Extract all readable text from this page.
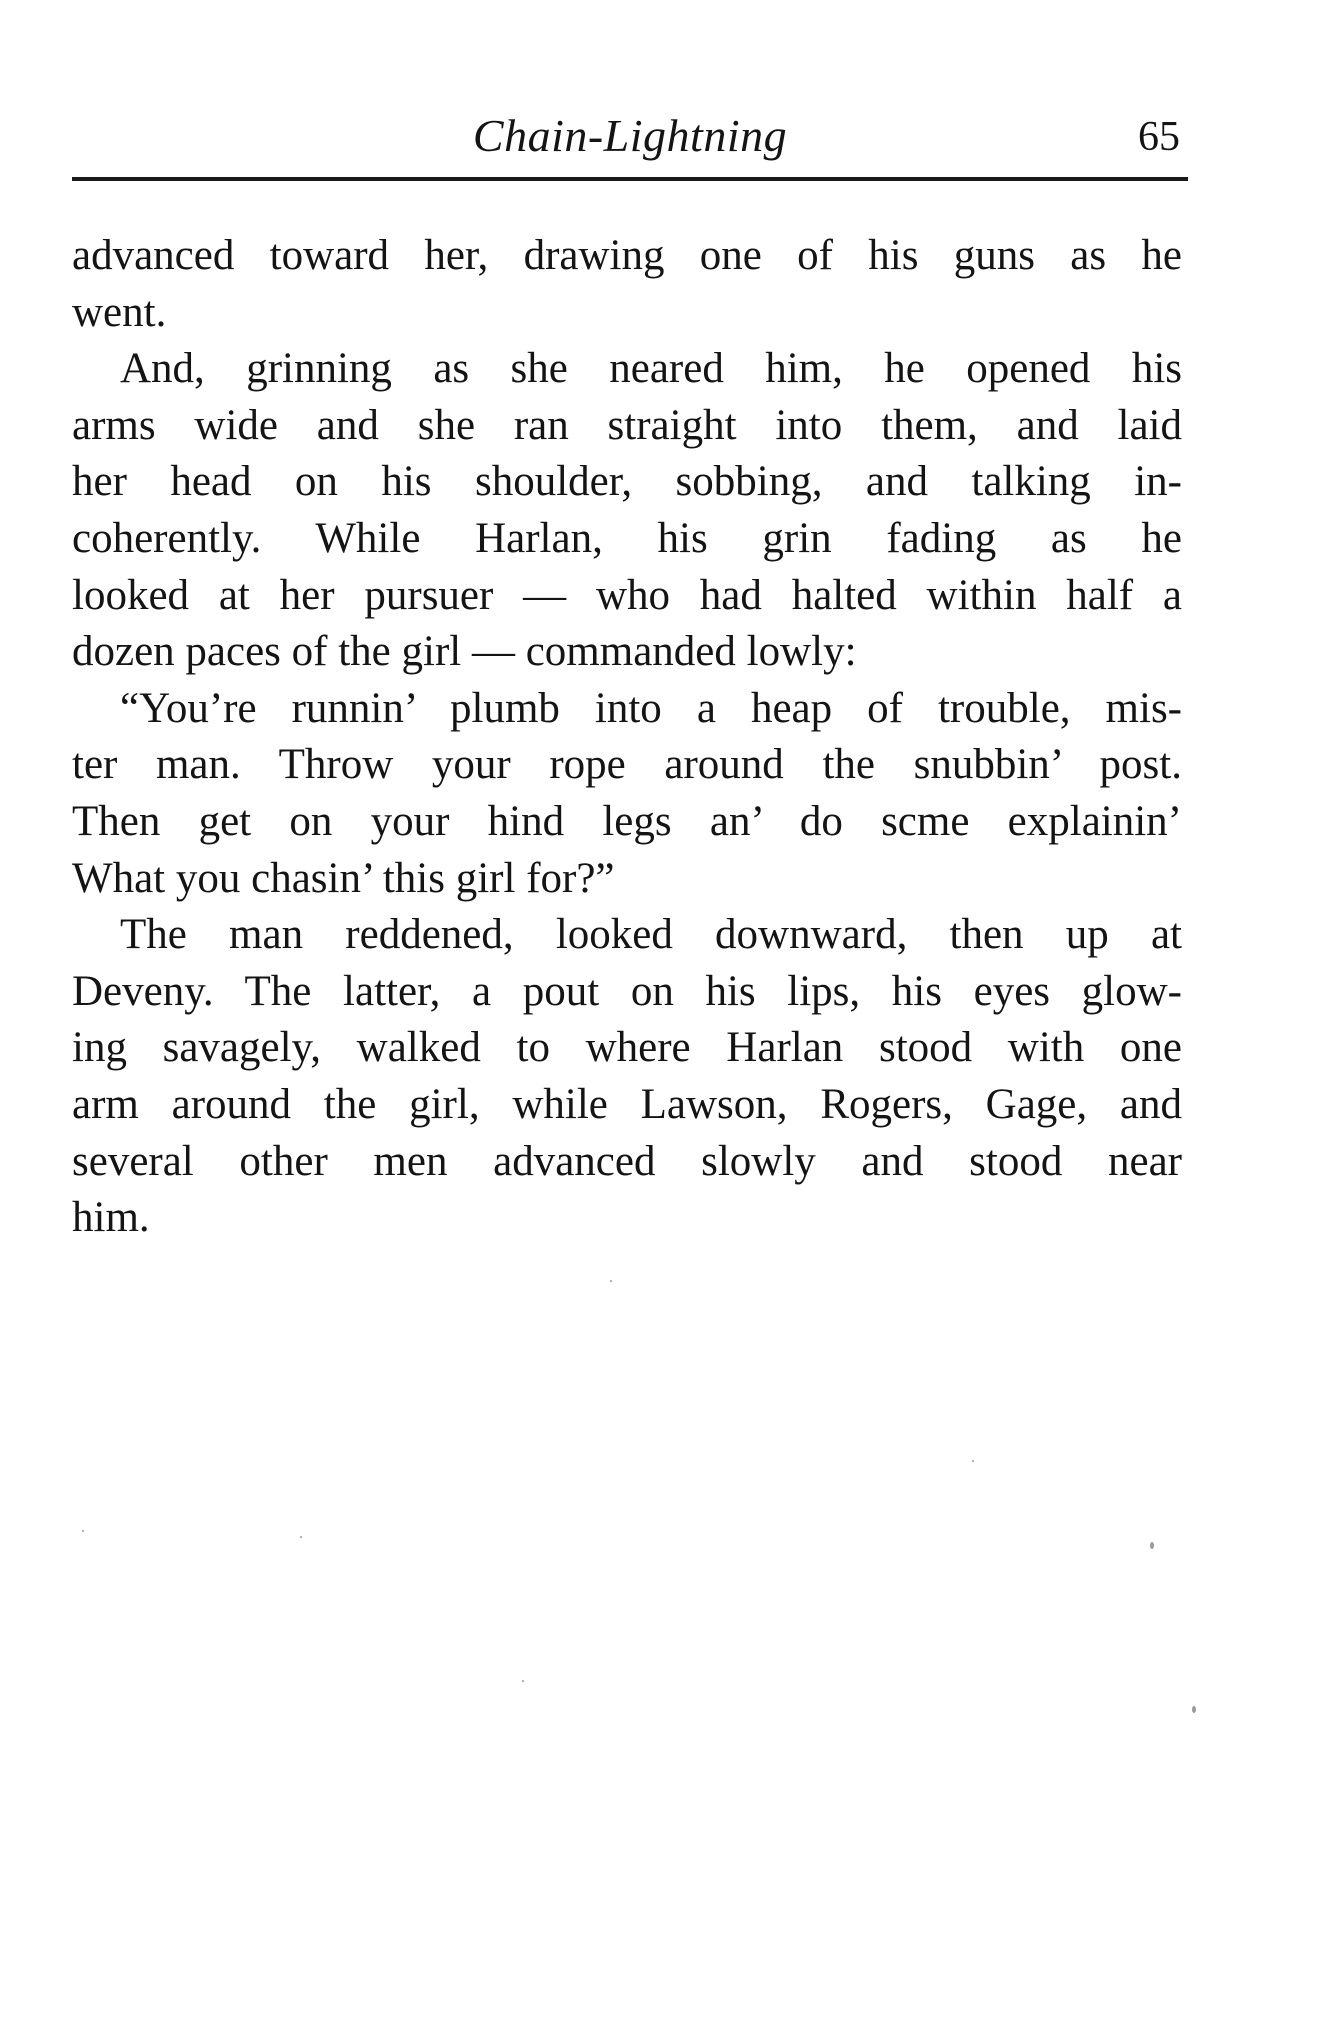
Chain-Lightning	65
advanced toward her, drawing one of his guns as he
went.
And, grinning as she neared him, he opened his
arms wide and she ran straight into them, and laid
her head on his shoulder, sobbing, and talking in-
coherently. While Harlan, his grin fading as he
looked at her pursuer — who had halted within half a
dozen paces of the girl — commanded lowly:
“You’re runnin’ plumb into a heap of trouble, mis-
ter man. Throw your rope around the snubbin’ post.
Then get on your hind legs an’ do scme explainin’
What you chasin’ this girl for?”
The man reddened, looked downward, then up at
Deveny. The latter, a pout on his lips, his eyes glow-
ing savagely, walked to where Harlan stood with one
arm around the girl, while Lawson, Rogers, Gage, and
several other men advanced slowly and stood near
him.
